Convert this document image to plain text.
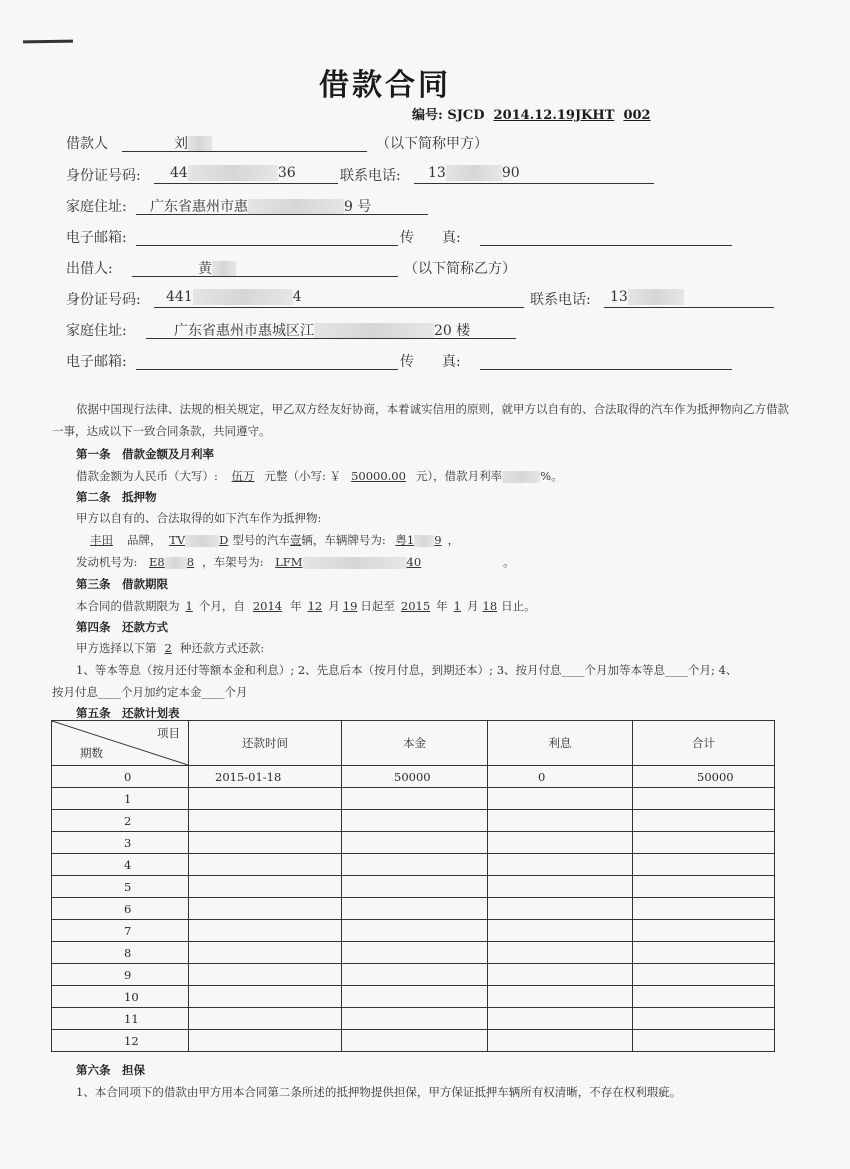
借款合同
编号: SJCD 2014.12.19JKHT 002
借款人	刘	（以下简称甲方）
身份证号码:	44	36	联系电话:	13	90
家庭住址:	广东省惠州市惠	9 号
电子邮箱:	传　　真:
出借人:	黄	（以下简称乙方）
身份证号码:	441	4	联系电话:	13
家庭住址:	广东省惠州市惠城区江	20 楼
电子邮箱:	传　　真:
依据中国现行法律、法规的相关规定，甲乙双方经友好协商，本着诚实信用的原则，就甲方以自有的、合法取得的汽车作为抵押物向乙方借款一事，达成以下一致合同条款，共同遵守。
第一条　借款金额及月利率
借款金额为人民币（大写）: 伍万 元整（小写: ￥ 50000.00 元），借款月利率	%。
第二条　抵押物
甲方以自有的、合法取得的如下汽车作为抵押物:
丰田 品牌， TV	D 型号的汽车壹辆，车辆牌号为: 粤1 9 ，
发动机号为: E8 8 ，车架号为: LFM	40	。
第三条　借款期限
本合同的借款期限为 1 个月，自 2014 年 12 月 19 日起至 2015 年 1 月 18 日止。
第四条　还款方式
甲方选择以下第 2 种还款方式还款:
1、等本等息（按月还付等额本金和利息）; 2、先息后本（按月付息，到期还本）; 3、按月付息____个月加等本等息____个月; 4、
按月付息____个月加约定本金____个月
第五条　还款计划表
项目
期数	还款时间	本金	利息	合计
0	2015-01-18	50000	0	50000
1				
2				
3				
4				
5				
6				
7				
8				
9				
10				
11				
12				
第六条　担保
1、本合同项下的借款由甲方用本合同第二条所述的抵押物提供担保，甲方保证抵押车辆所有权清晰，不存在权利瑕疵。
